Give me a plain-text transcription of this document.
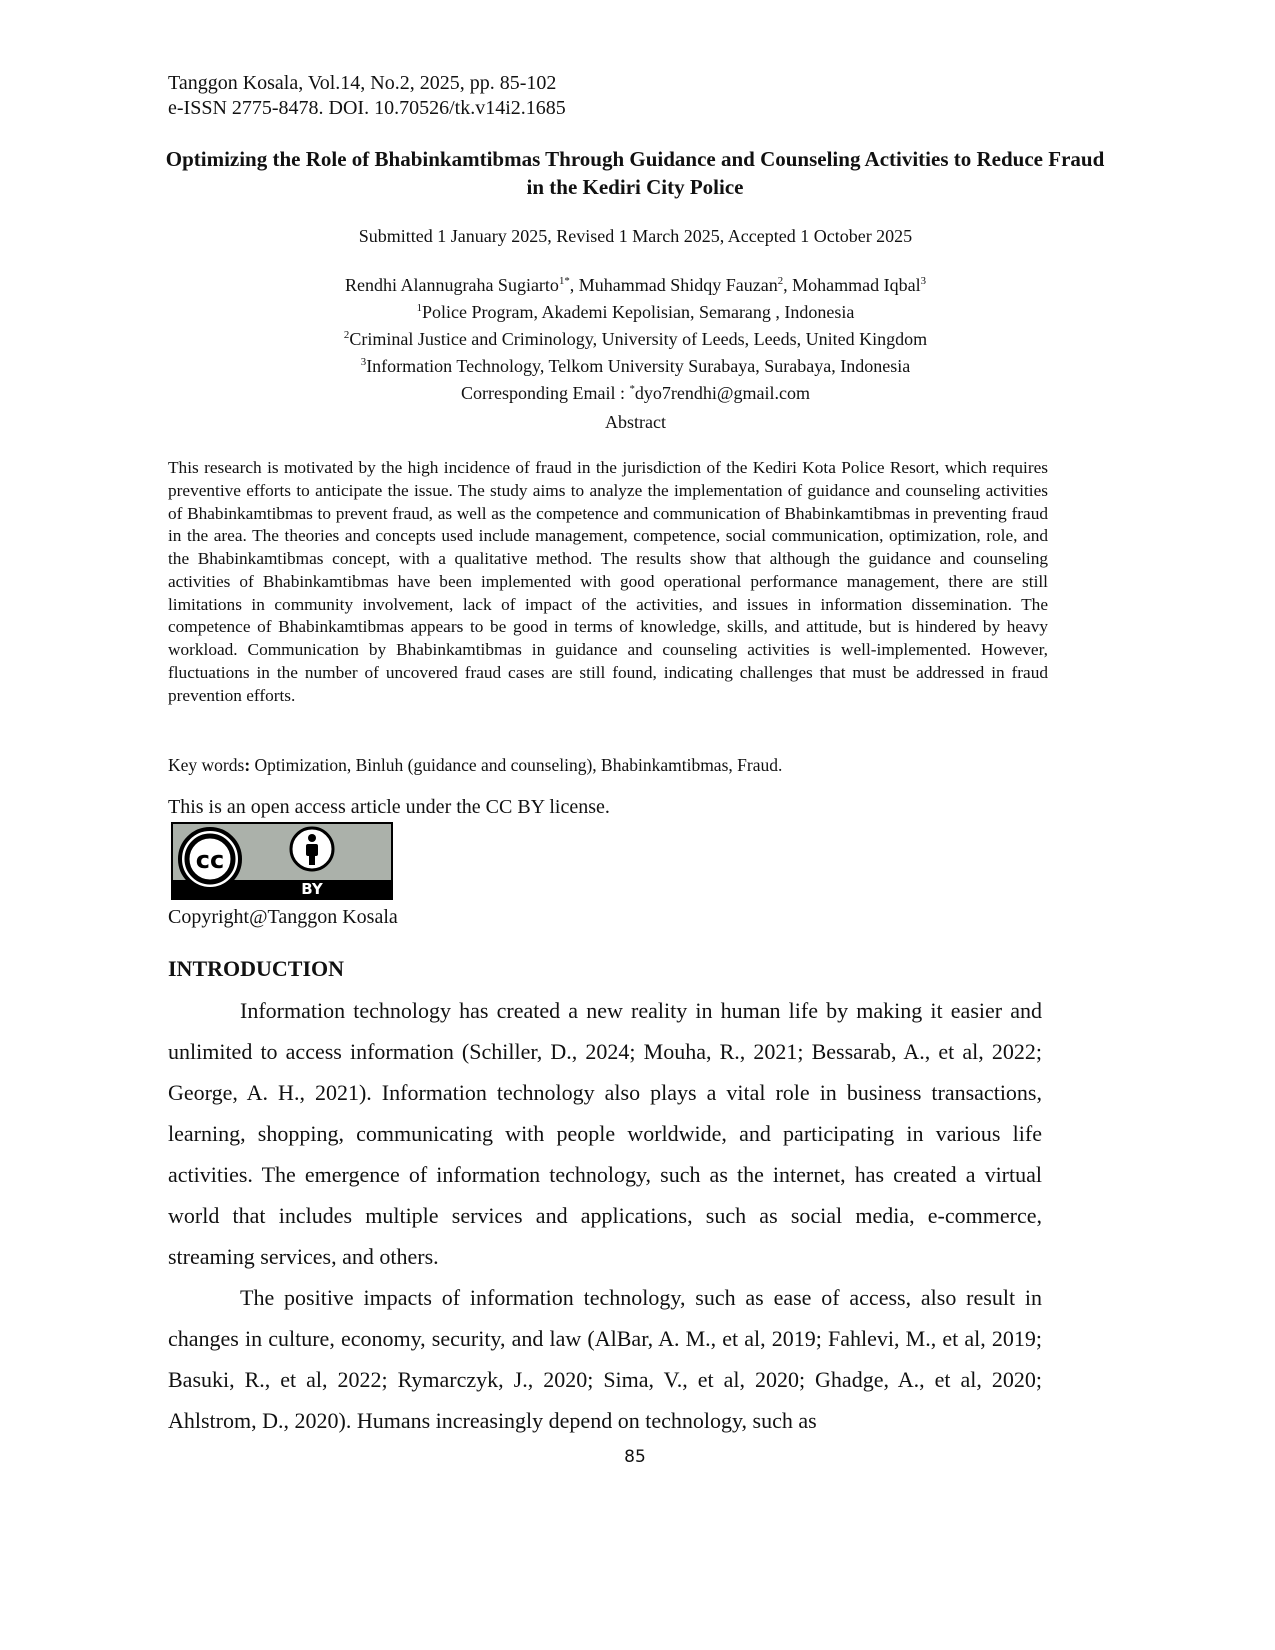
Tanggon Kosala, Vol.14, No.2, 2025, pp. 85-102
e-ISSN 2775-8478. DOI. 10.70526/tk.v14i2.1685
Optimizing the Role of Bhabinkamtibmas Through Guidance and Counseling Activities to Reduce Fraud in the Kediri City Police
Submitted 1 January 2025, Revised 1 March 2025, Accepted 1 October 2025
Rendhi Alannugraha Sugiarto$^{1*}$, Muhammad Shidqy Fauzan$^2$, Mohammad Iqbal$^3$
$^1$Police Program, Akademi Kepolisian, Semarang , Indonesia
$^2$Criminal Justice and Criminology, University of Leeds, Leeds, United Kingdom
$^3$Information Technology, Telkom University Surabaya, Surabaya, Indonesia
Corresponding Email : *dyo7rendhi@gmail.com
Abstract
This research is motivated by the high incidence of fraud in the jurisdiction of the Kediri Kota Police Resort, which requires preventive efforts to anticipate the issue. The study aims to analyze the implementation of guidance and counseling activities of Bhabinkamtibmas to prevent fraud, as well as the competence and communication of Bhabinkamtibmas in preventing fraud in the area. The theories and concepts used include management, competence, social communication, optimization, role, and the Bhabinkamtibmas concept, with a qualitative method. The results show that although the guidance and counseling activities of Bhabinkamtibmas have been implemented with good operational performance management, there are still limitations in community involvement, lack of impact of the activities, and issues in information dissemination. The competence of Bhabinkamtibmas appears to be good in terms of knowledge, skills, and attitude, but is hindered by heavy workload. Communication by Bhabinkamtibmas in guidance and counseling activities is well-implemented. However, fluctuations in the number of uncovered fraud cases are still found, indicating challenges that must be addressed in fraud prevention efforts.
Key words: Optimization, Binluh (guidance and counseling), Bhabinkamtibmas, Fraud.
This is an open access article under the CC BY license.
cc
BY
Copyright@Tanggon Kosala
INTRODUCTION

Information technology has created a new reality in human life by making it easier and unlimited to access information (Schiller, D., 2024; Mouha, R., 2021; Bessarab, A., et al, 2022; George, A. H., 2021). Information technology also plays a vital role in business transactions, learning, shopping, communicating with people worldwide, and participating in various life activities. The emergence of information technology, such as the internet, has created a virtual world that includes multiple services and applications, such as social media, e-commerce, streaming services, and others.

The positive impacts of information technology, such as ease of access, also result in changes in culture, economy, security, and law (AlBar, A. M., et al, 2019; Fahlevi, M., et al, 2019; Basuki, R., et al, 2022; Rymarczyk, J., 2020; Sima, V., et al, 2020; Ghadge, A., et al, 2020; Ahlstrom, D., 2020). Humans increasingly depend on technology, such as

85
